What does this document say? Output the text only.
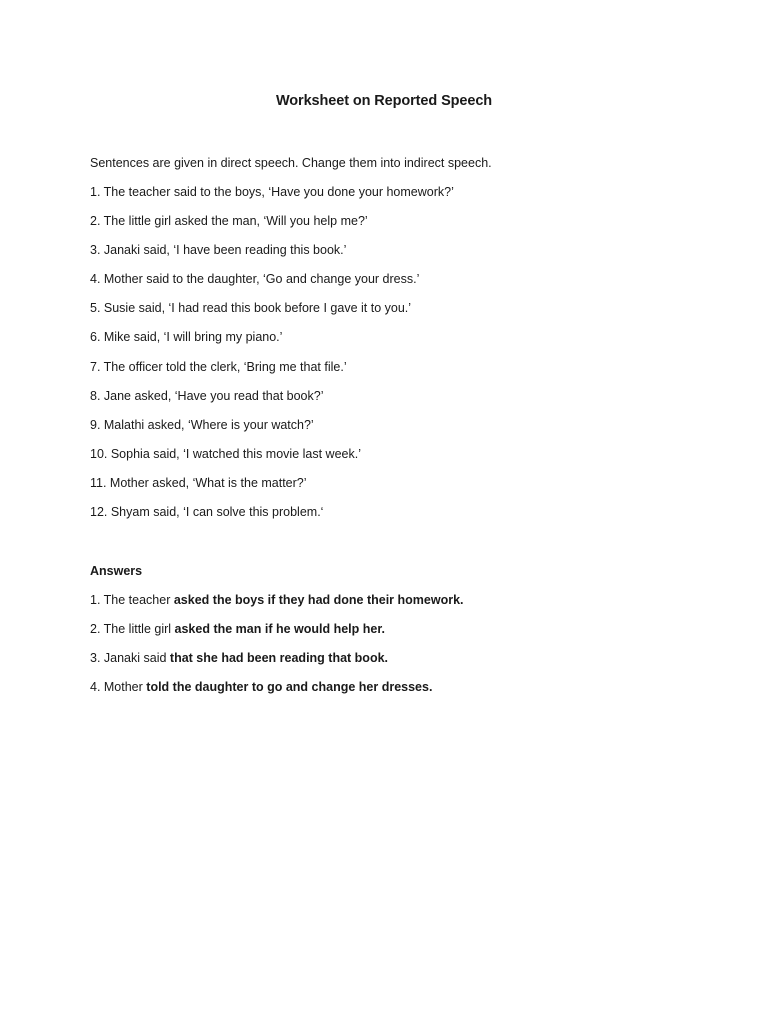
Worksheet on Reported Speech
Sentences are given in direct speech. Change them into indirect speech.
1. The teacher said to the boys, ‘Have you done your homework?’
2. The little girl asked the man, ‘Will you help me?’
3. Janaki said, ‘I have been reading this book.’
4. Mother said to the daughter, ‘Go and change your dress.’
5. Susie said, ‘I had read this book before I gave it to you.’
6. Mike said, ‘I will bring my piano.’
7. The officer told the clerk, ‘Bring me that file.’
8. Jane asked, ‘Have you read that book?’
9. Malathi asked, ‘Where is your watch?’
10. Sophia said, ‘I watched this movie last week.’
11. Mother asked, ‘What is the matter?’
12. Shyam said, ‘I can solve this problem.‘
Answers
1. The teacher asked the boys if they had done their homework.
2. The little girl asked the man if he would help her.
3. Janaki said that she had been reading that book.
4. Mother told the daughter to go and change her dresses.
